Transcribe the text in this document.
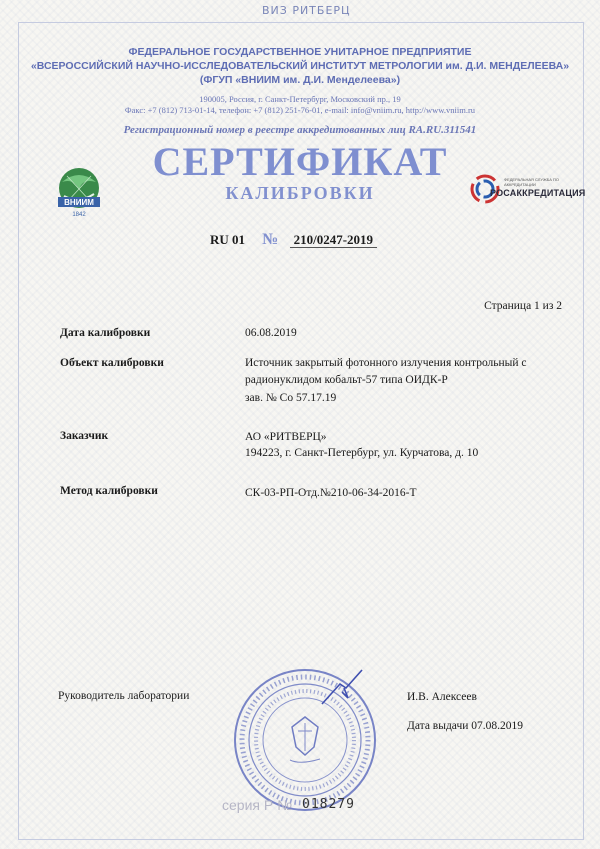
ВИЗ РИТБЕРЦ
ФЕДЕРАЛЬНОЕ ГОСУДАРСТВЕННОЕ УНИТАРНОЕ ПРЕДПРИЯТИЕ
«ВСЕРОССИЙСКИЙ НАУЧНО-ИССЛЕДОВАТЕЛЬСКИЙ ИНСТИТУТ МЕТРОЛОГИИ им. Д.И. МЕНДЕЛЕЕВА»
(ФГУП «ВНИИМ им. Д.И. Менделеева»)
190005, Россия, г. Санкт-Петербург, Московский пр., 19
Факс: +7 (812) 713-01-14, телефон: +7 (812) 251-76-01, e-mail: info@vniim.ru, http://www.vniim.ru
Регистрационный номер в реестре аккредитованных лиц RA.RU.311541
СЕРТИФИКАТ
КАЛИБРОВКИ
ВНИИМ
1842
ФЕДЕРАЛЬНАЯ СЛУЖБА ПО АККРЕДИТАЦИИ
РОСАККРЕДИТАЦИЯ
RU 01 № 210/0247-2019
Страница 1 из 2
Дата калибровки	06.08.2019
Объект калибровки	Источник закрытый фотонного излучения контрольный с
радионуклидом кобальт-57 типа ОИДК-Р
зав. № Co 57.17.19
Заказчик	АО «РИТВЕРЦ»
194223, г. Санкт-Петербург, ул. Курчатова, д. 10
Метод калибровки	СК-03-РП-Отд.№210-06-34-2016-Т
Руководитель лаборатории	И.В. Алексеев
Дата выдачи 07.08.2019
серия Р № 018279
